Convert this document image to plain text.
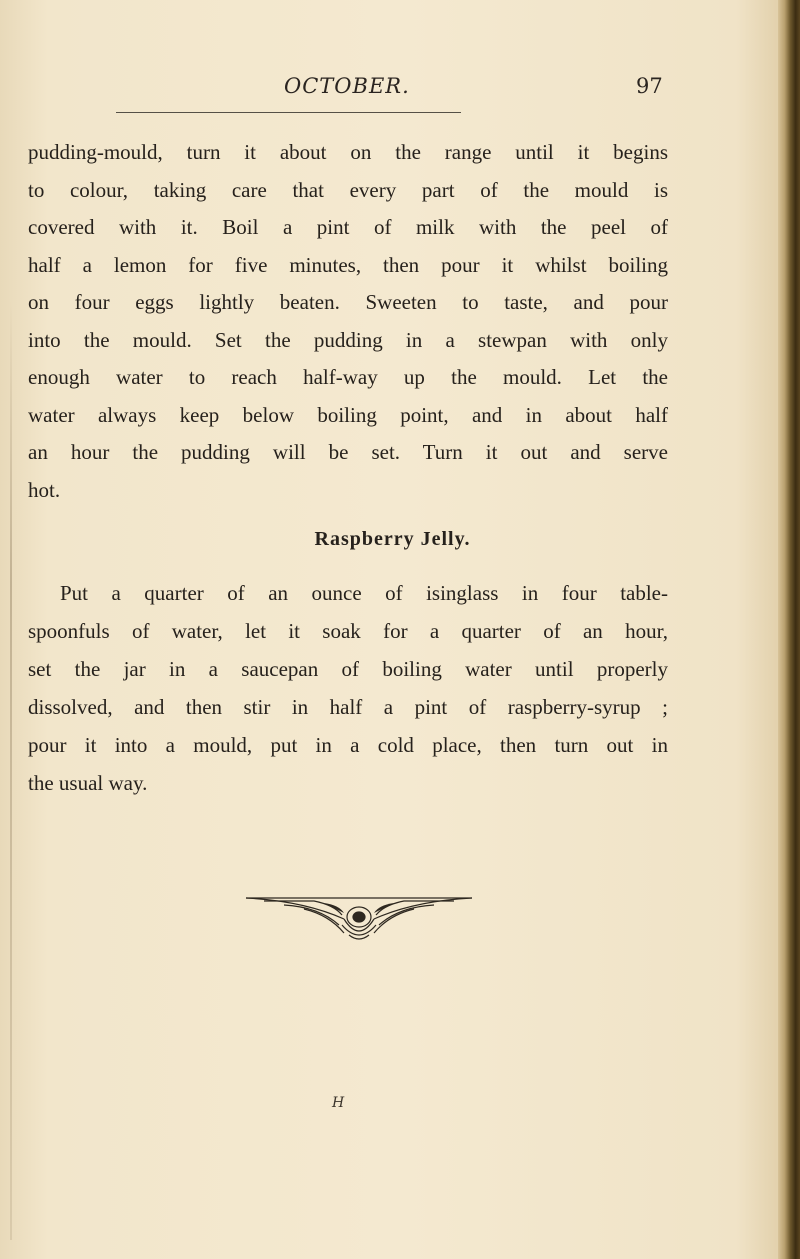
OCTOBER.	97

pudding-mould, turn it about on the range until it begins

to colour, taking care that every part of the mould is

covered with it. Boil a pint of milk with the peel of

half a lemon for five minutes, then pour it whilst boiling

on four eggs lightly beaten. Sweeten to taste, and pour

into the mould. Set the pudding in a stewpan with only

enough water to reach half-way up the mould. Let the

water always keep below boiling point, and in about half

an hour the pudding will be set. Turn it out and serve

hot.

Raspberry Jelly.

Put a quarter of an ounce of isinglass in four table-

spoonfuls of water, let it soak for a quarter of an hour,

set the jar in a saucepan of boiling water until properly

dissolved, and then stir in half a pint of raspberry-syrup ;

pour it into a mould, put in a cold place, then turn out in

the usual way.

H
